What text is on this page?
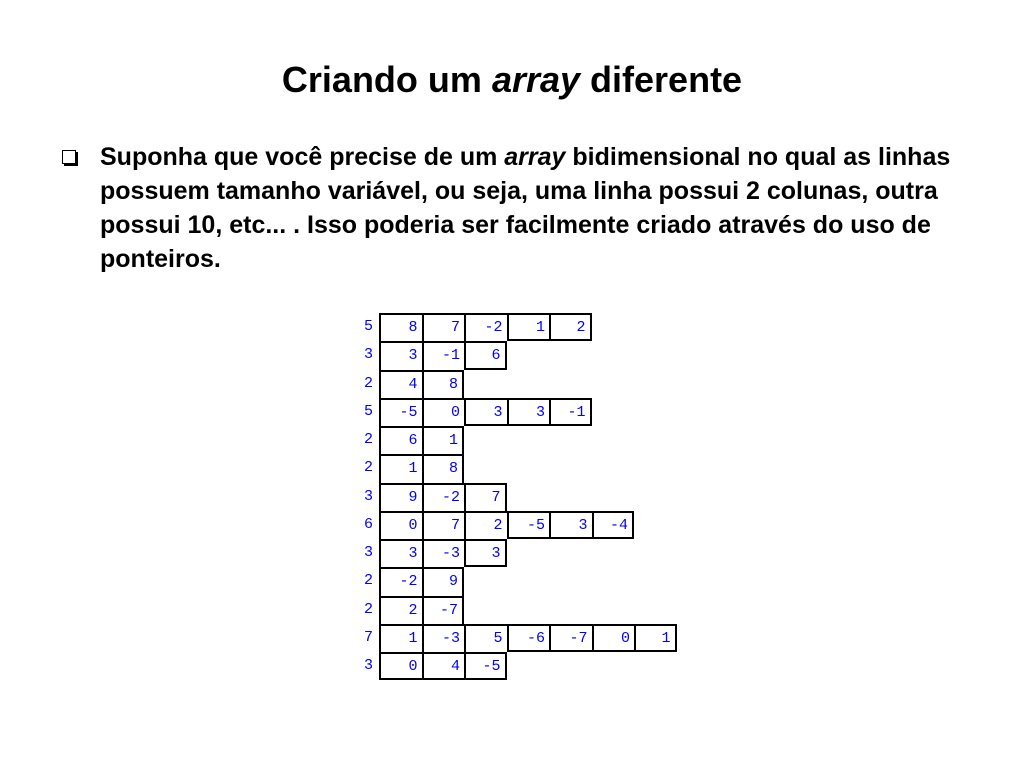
Criando um array diferente
Suponha que você precise de um array bidimensional no qual as linhas possuem tamanho variável, ou seja, uma linha possui 2 colunas, outra possui 10, etc... . Isso poderia ser facilmente criado através do uso de ponteiros.
5	8	7	-2	1	2
3	3	-1	6
2	4	8
5	-5	0	3	3	-1
2	6	1
2	1	8
3	9	-2	7
6	0	7	2	-5	3	-4
3	3	-3	3
2	-2	9
2	2	-7
7	1	-3	5	-6	-7	0	1
3	0	4	-5
